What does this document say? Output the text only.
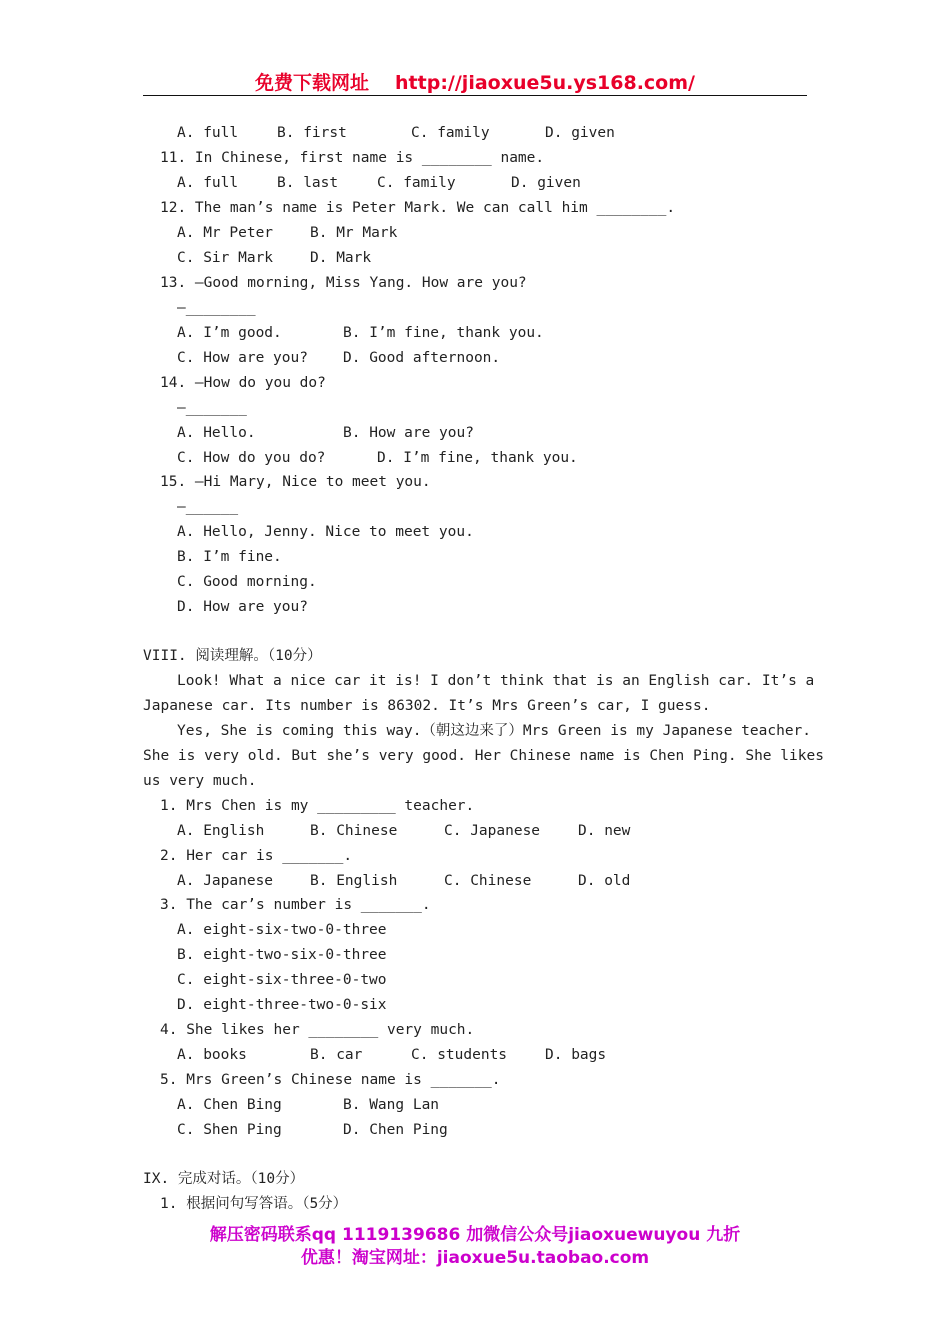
免费下载网址 http://jiaoxue5u.ys168.com/
A. full	B. first	C. family	D. given
11. In Chinese, first name is ________ name.
A. full	B. last	C. family	D. given
12. The man’s name is Peter Mark. We can call him ________.
A. Mr Peter	B. Mr Mark
C. Sir Mark	D. Mark
13. —Good morning, Miss Yang. How are you?
—________
A. I’m good.	B. I’m fine, thank you.
C. How are you? D. Good afternoon.
14. —How do you do?
—_______
A. Hello.	B. How are you?
C. How do you do?	D. I’m fine, thank you.
15. —Hi Mary, Nice to meet you.
—______
A. Hello, Jenny. Nice to meet you.
B. I’m fine.
C. Good morning.
D. How are you?
VIII. 阅读理解。（10分）
Look! What a nice car it is! I don’t think that is an English car. It’s a
Japanese car. Its number is 86302. It’s Mrs Green’s car, I guess.
Yes, She is coming this way.（朝这边来了）Mrs Green is my Japanese teacher.
She is very old. But she’s very good. Her Chinese name is Chen Ping. She likes
us very much.
1. Mrs Chen is my _________ teacher.
A. English	B. Chinese	C. Japanese	D. new
2. Her car is _______.
A. Japanese	B. English	C. Chinese	D. old
3. The car’s number is _______.
A. eight-six-two-0-three
B. eight-two-six-0-three
C. eight-six-three-0-two
D. eight-three-two-0-six
4. She likes her ________ very much.
A. books	B. car	C. students	D. bags
5. Mrs Green’s Chinese name is _______.
A. Chen Bing	B. Wang Lan
C. Shen Ping	D. Chen Ping
IX. 完成对话。（10分）
1. 根据问句写答语。（5分）
解压密码联系qq 1119139686 加微信公众号jiaoxuewuyou 九折
优惠！淘宝网址：jiaoxue5u.taobao.com
